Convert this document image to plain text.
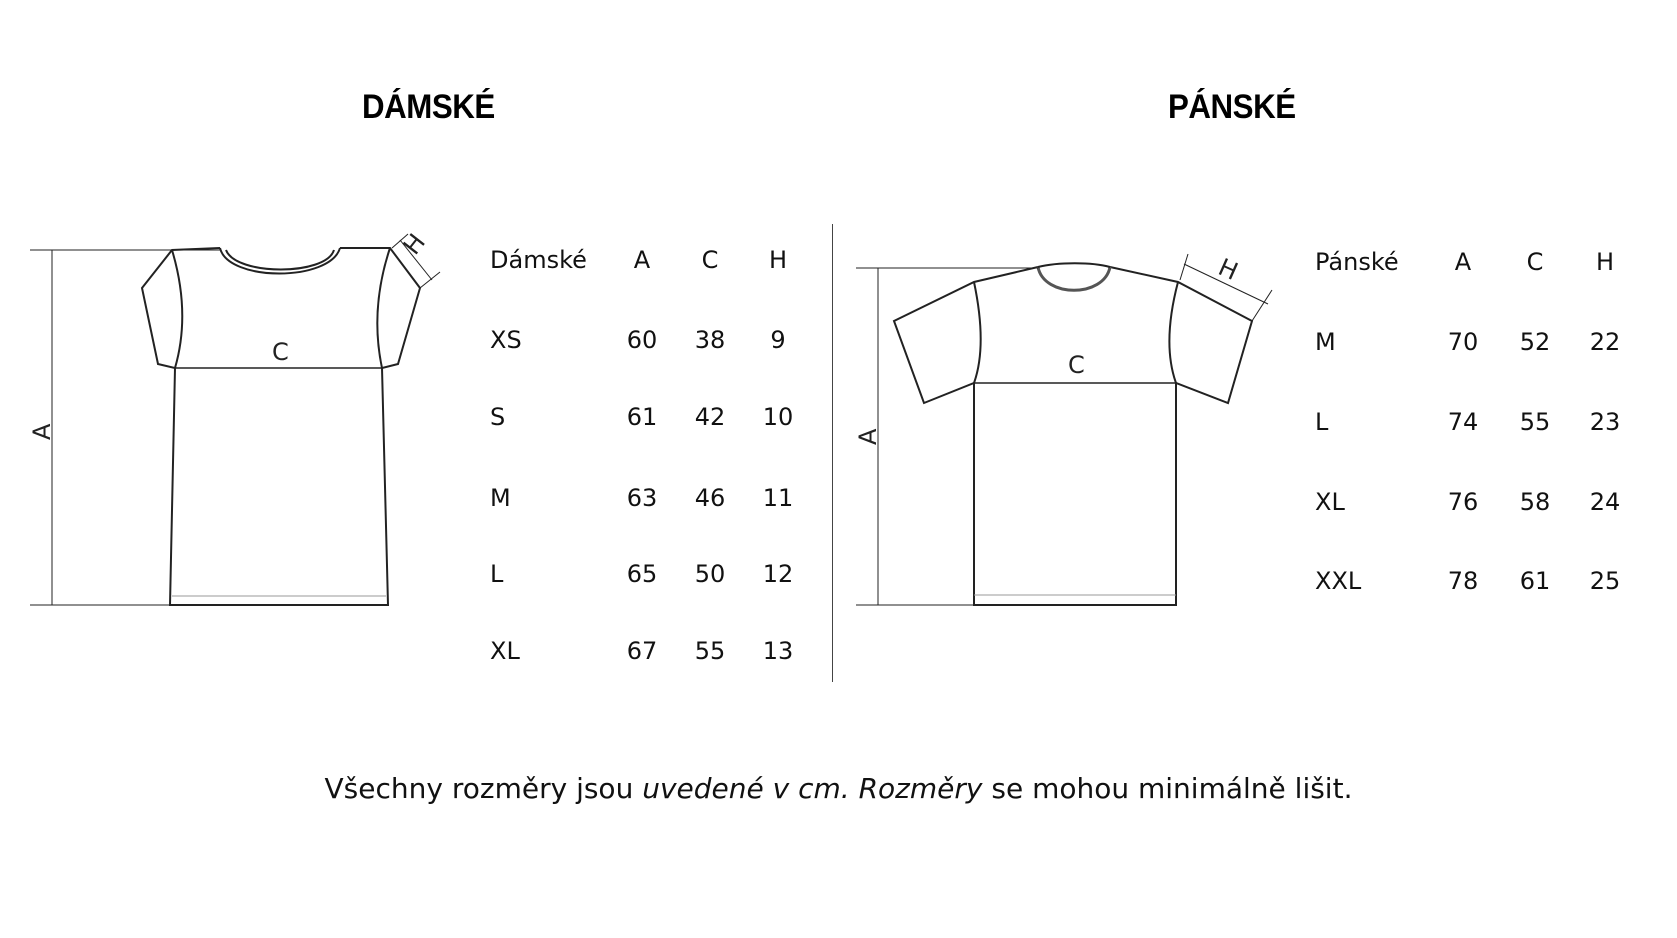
DÁMSKÉ	PÁNSKÉ
C
A
H
Dámské	A	C	H
XS	60	38	9
S	61	42	10
M	63	46	11
L	65	50	12
XL	67	55	13
C
A
H	Pánské	A	C	H
M	70	52	22
L	74	55	23
XL	76	58	24
XXL	78	61	25
Všechny rozměry jsou uvedené v cm. Rozměry se mohou minimálně lišit.
